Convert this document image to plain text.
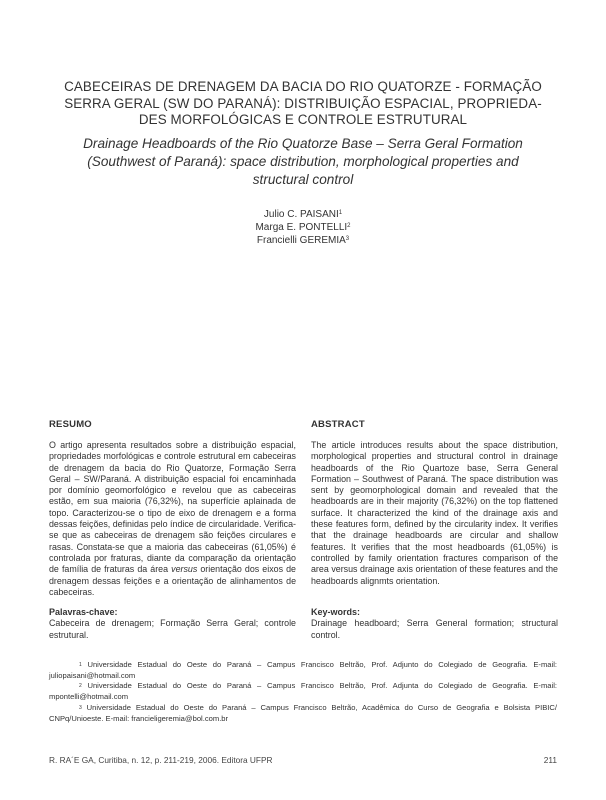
CABECEIRAS DE DRENAGEM DA BACIA DO RIO QUATORZE - FORMAÇÃO
SERRA GERAL (SW DO PARANÁ): DISTRIBUIÇÃO ESPACIAL, PROPRIEDA-
DES MORFOLÓGICAS E CONTROLE ESTRUTURAL
Drainage Headboards of the Rio Quatorze Base – Serra Geral Formation
(Southwest of Paraná): space distribution, morphological properties and
structural control
Julio C. PAISANI$^1$
Marga E. PONTELLI$^2$
Francielli GEREMIA$^3$
RESUMO

O artigo apresenta resultados sobre a distribuição espacial, propriedades morfológicas e controle estrutural em cabeceiras de drenagem da bacia do Rio Quatorze, Formação Serra Geral – SW/Paraná. A distribuição espacial foi encaminhada por domínio geomorfológico e revelou que as cabeceiras estão, em sua maioria (76,32%), na superfície aplainada de topo. Caracterizou-se o tipo de eixo de drenagem e a forma dessas feições, definidas pelo índice de circularidade. Verifica-se que as cabeceiras de drenagem são feições circulares e rasas. Constata-se que a maioria das cabeceiras (61,05%) é controlada por fraturas, diante da comparação da orientação de família de fraturas da área versus orientação dos eixos de drenagem dessas feições e a orientação de alinhamentos de cabeceiras.

Palavras-chave:
Cabeceira de drenagem; Formação Serra Geral; controle estrutural.
ABSTRACT

The article introduces results about the space distribution, morphological properties and structural control in drainage headboards of the Rio Quartoze base, Serra General Formation – Southwest of Paraná. The space distribution was sent by geomorphological domain and revealed that the headboards are in their majority (76,32%) on the top flattened surface. It characterized the kind of the drainage axis and these features form, defined by the circularity index. It verifies that the drainage headboards are circular and shallow features. It verifies that the most headboards (61,05%) is controlled by family orientation fractures comparison of the area versus drainage axis orientation of these features and the headboards alignmts orientation.

Key-words:
Drainage headboard; Serra General formation; structural control.

$^1$ Universidade Estadual do Oeste do Paraná – Campus Francisco Beltrão, Prof. Adjunto do Colegiado de Geografia. E-mail: juliopaisani@hotmail.com

$^2$ Universidade Estadual do Oeste do Paraná – Campus Francisco Beltrão, Prof. Adjunta do Colegiado de Geografia. E-mail: mpontelli@hotmail.com

$^3$ Universidade Estadual do Oeste do Paraná – Campus Francisco Beltrão, Acadêmica do Curso de Geografia e Bolsista PIBIC/ CNPq/Unioeste. E-mail: francieligeremia@bol.com.br

R. RA´E GA, Curitiba, n. 12, p. 211-219, 2006. Editora UFPR	211
